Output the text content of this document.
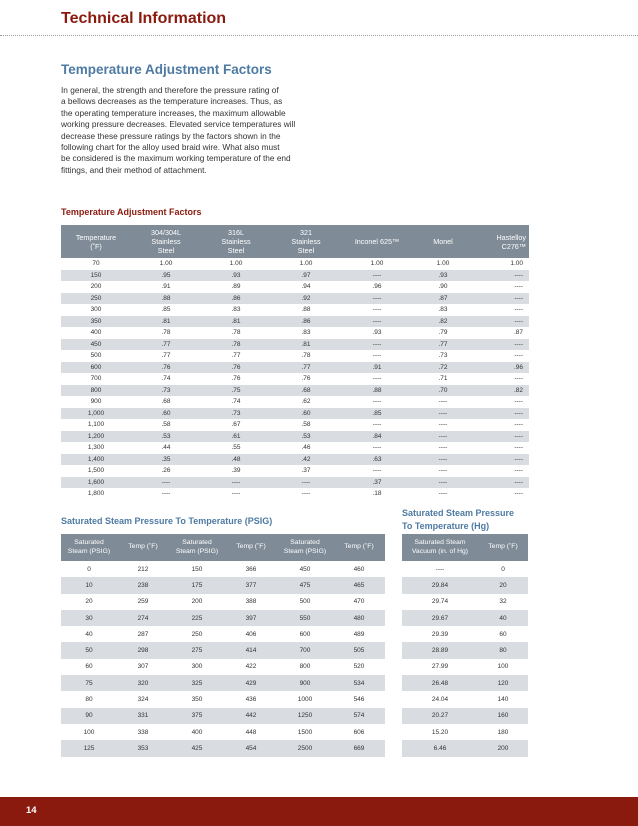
Technical Information
Temperature Adjustment Factors

In general, the strength and therefore the pressure rating of

a bellows decreases as the temperature increases. Thus, as

the operating temperature increases, the maximum allowable

working pressure decreases. Elevated service temperatures will

decrease these pressure ratings by the factors shown in the

following chart for the alloy used braid wire. What also must

be considered is the maximum working temperature of the end

fittings, and their method of attachment.

Temperature Adjustment Factors
Temperature
(˚F)	304/304L
Stainless
Steel	316L
Stainless
Steel	321
Stainless
Steel	Inconel 625™	Monel	Hastelloy
C276™
70	1.00	1.00	1.00	1.00	1.00	1.00
150	.95	.93	.97	----	.93	----
200	.91	.89	.94	.96	.90	----
250	.88	.86	.92	----	.87	----
300	.85	.83	.88	----	.83	----
350	.81	.81	.86	----	.82	----
400	.78	.78	.83	.93	.79	.87
450	.77	.78	.81	----	.77	----
500	.77	.77	.78	----	.73	----
600	.76	.76	.77	.91	.72	.96
700	.74	.76	.76	----	.71	----
800	.73	.75	.68	.88	.70	.82
900	.68	.74	.62	----	----	----
1,000	.60	.73	.60	.85	----	----
1,100	.58	.67	.58	----	----	----
1,200	.53	.61	.53	.84	----	----
1,300	.44	.55	.46	----	----	----
1,400	.35	.48	.42	.63	----	----
1,500	.26	.39	.37	----	----	----
1,600	----	----	----	.37	----	----
1,800	----	----	----	.18	----	----
Saturated Steam Pressure To Temperature (PSIG)
Saturated Steam Pressure
To Temperature (Hg)
Saturated
Steam (PSIG)	Temp (˚F)	Saturated
Steam (PSIG)	Temp (˚F)	Saturated
Steam (PSIG)	Temp (˚F)
0	212	150	366	450	460
10	238	175	377	475	465
20	259	200	388	500	470
30	274	225	397	550	480
40	287	250	406	600	489
50	298	275	414	700	505
60	307	300	422	800	520
75	320	325	429	900	534
80	324	350	436	1000	546
90	331	375	442	1250	574
100	338	400	448	1500	606
125	353	425	454	2500	669
Saturated Steam
Vacuum (in. of Hg)	Temp (˚F)
----	0
29.84	20
29.74	32
29.67	40
29.39	60
28.89	80
27.99	100
26.48	120
24.04	140
20.27	160
15.20	180
6.46	200
14
